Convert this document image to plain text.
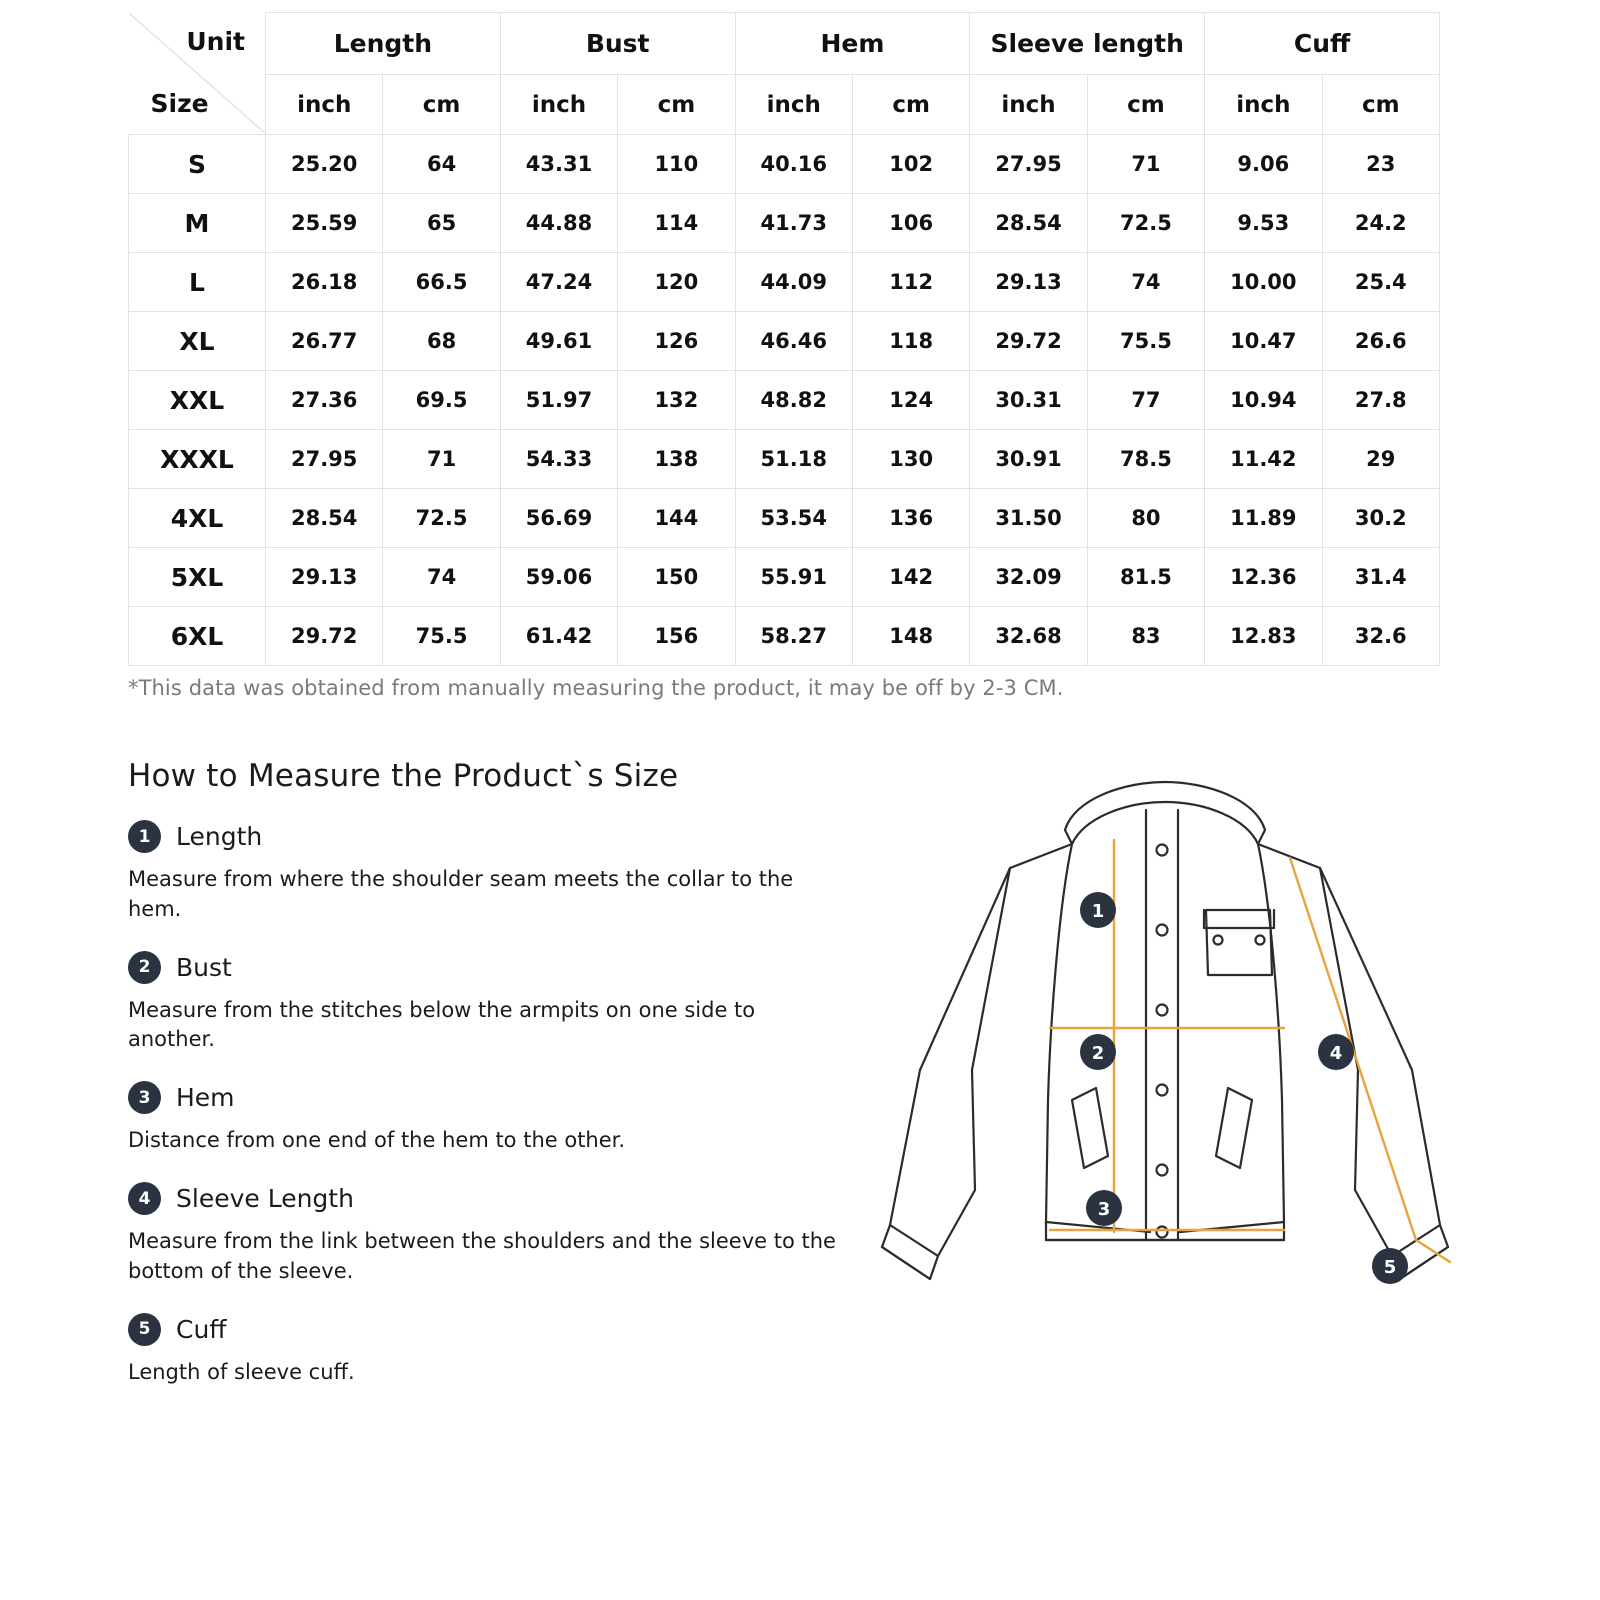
Unit
Size	Length		Bust		Hem		Sleeve length		Cuff	
	inch	cm	inch	cm	inch	cm	inch	cm	inch	cm
S	25.20	64	43.31	110	40.16	102	27.95	71	9.06	23
M	25.59	65	44.88	114	41.73	106	28.54	72.5	9.53	24.2
L	26.18	66.5	47.24	120	44.09	112	29.13	74	10.00	25.4
XL	26.77	68	49.61	126	46.46	118	29.72	75.5	10.47	26.6
XXL	27.36	69.5	51.97	132	48.82	124	30.31	77	10.94	27.8
XXXL	27.95	71	54.33	138	51.18	130	30.91	78.5	11.42	29
4XL	28.54	72.5	56.69	144	53.54	136	31.50	80	11.89	30.2
5XL	29.13	74	59.06	150	55.91	142	32.09	81.5	12.36	31.4
6XL	29.72	75.5	61.42	156	58.27	148	32.68	83	12.83	32.6
*This data was obtained from manually measuring the product, it may be off by 2-3 CM.
How to Measure the Product`s Size
1	Length

Measure from where the shoulder seam meets the collar to the hem.

2	Bust

Measure from the stitches below the armpits on one side to another.

3	Hem

Distance from one end of the hem to the other.

4	Sleeve Length

Measure from the link between the shoulders and the sleeve to the bottom of the sleeve.

5	Cuff

Length of sleeve cuff.

1
2
3
4
5
